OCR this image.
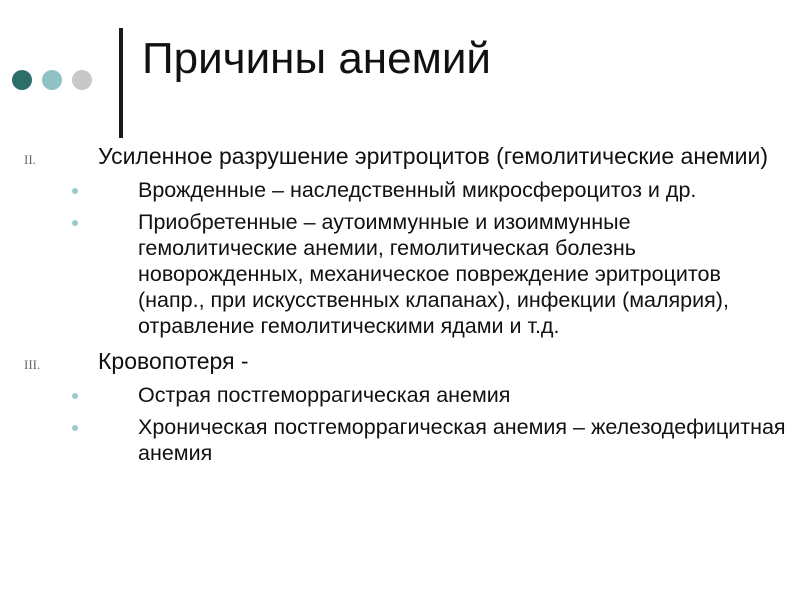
Причины анемий
II.	Усиленное разрушение эритроцитов (гемолитические анемии)
Врожденные – наследственный микросфероцитоз и др.
Приобретенные – аутоиммунные и изоиммунные гемолитические анемии, гемолитическая болезнь новорожденных, механическое повреждение эритроцитов (напр., при искусственных клапанах), инфекции (малярия), отравление гемолитическими ядами и т.д.
III.	Кровопотеря -
Острая постгеморрагическая анемия
Хроническая постгеморрагическая анемия – железодефицитная анемия
